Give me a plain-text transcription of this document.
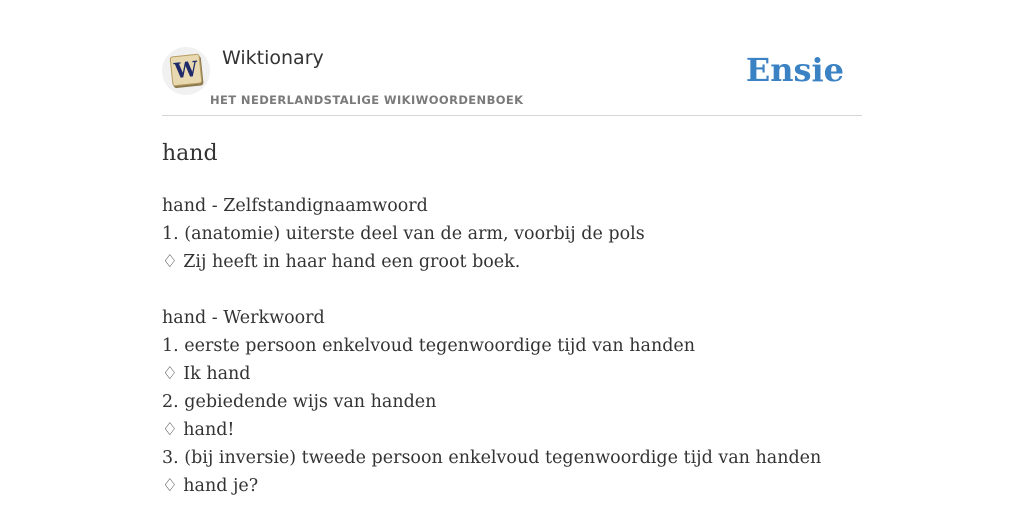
W Wiktionary
HET NEDERLANDSTALIGE WIKIWOORDENBOEK
Ensie
hand
hand - Zelfstandignaamwoord
1. (anatomie) uiterste deel van de arm, voorbij de pols
♢ Zij heeft in haar hand een groot boek.
hand - Werkwoord
1. eerste persoon enkelvoud tegenwoordige tijd van handen
♢ Ik hand
2. gebiedende wijs van handen
♢ hand!
3. (bij inversie) tweede persoon enkelvoud tegenwoordige tijd van handen
♢ hand je?
